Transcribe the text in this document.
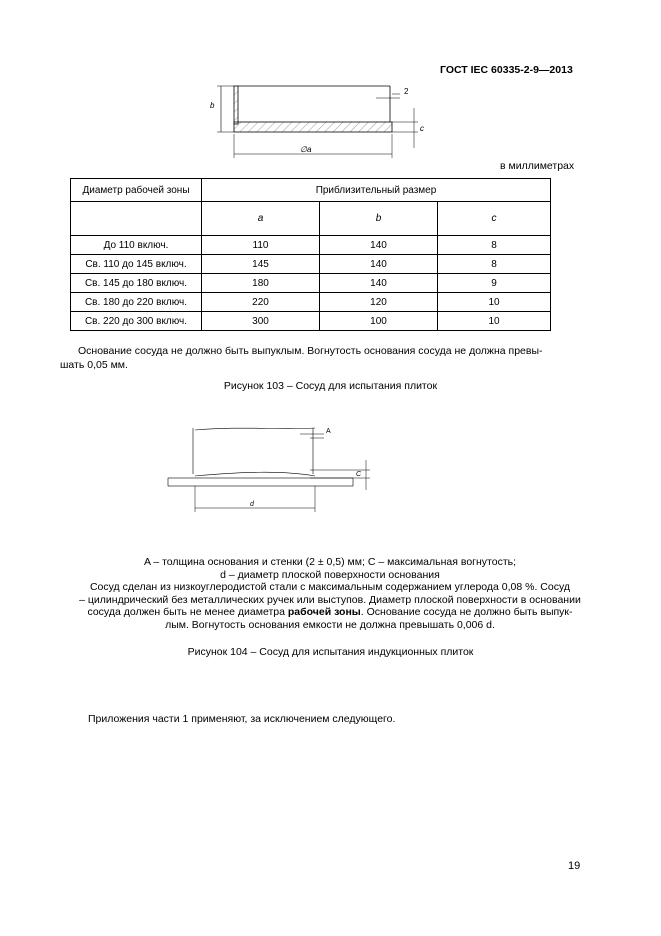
ГОСТ IEC 60335-2-9—2013
b
2
c
∅a
в миллиметрах
Диаметр рабочей зоны	Приблизительный размер		
	a	b	c
До 110 включ.	110	140	8
Св. 110 до 145 включ.	145	140	8
Св. 145 до 180 включ.	180	140	9
Св. 180 до 220 включ.	220	120	10
Св. 220 до 300 включ.	300	100	10
Основание сосуда не должно быть выпуклым. Вогнутость основания сосуда не должна превы-
шать 0,05 мм.
Рисунок 103 – Сосуд для испытания плиток
A
C
d
A – толщина основания и стенки (2 ± 0,5) мм; C – максимальная вогнутость;
d – диаметр плоской поверхности основания
Сосуд сделан из низкоуглеродистой стали с максимальным содержанием углерода 0,08 %. Сосуд
– цилиндрический без металлических ручек или выступов. Диаметр плоской поверхности в основании
сосуда должен быть не менее диаметра рабочей зоны. Основание сосуда не должно быть выпук-
лым. Вогнутость основания емкости не должна превышать 0,006 d.
Рисунок 104 – Сосуд для испытания индукционных плиток
Приложения части 1 применяют, за исключением следующего.
19
